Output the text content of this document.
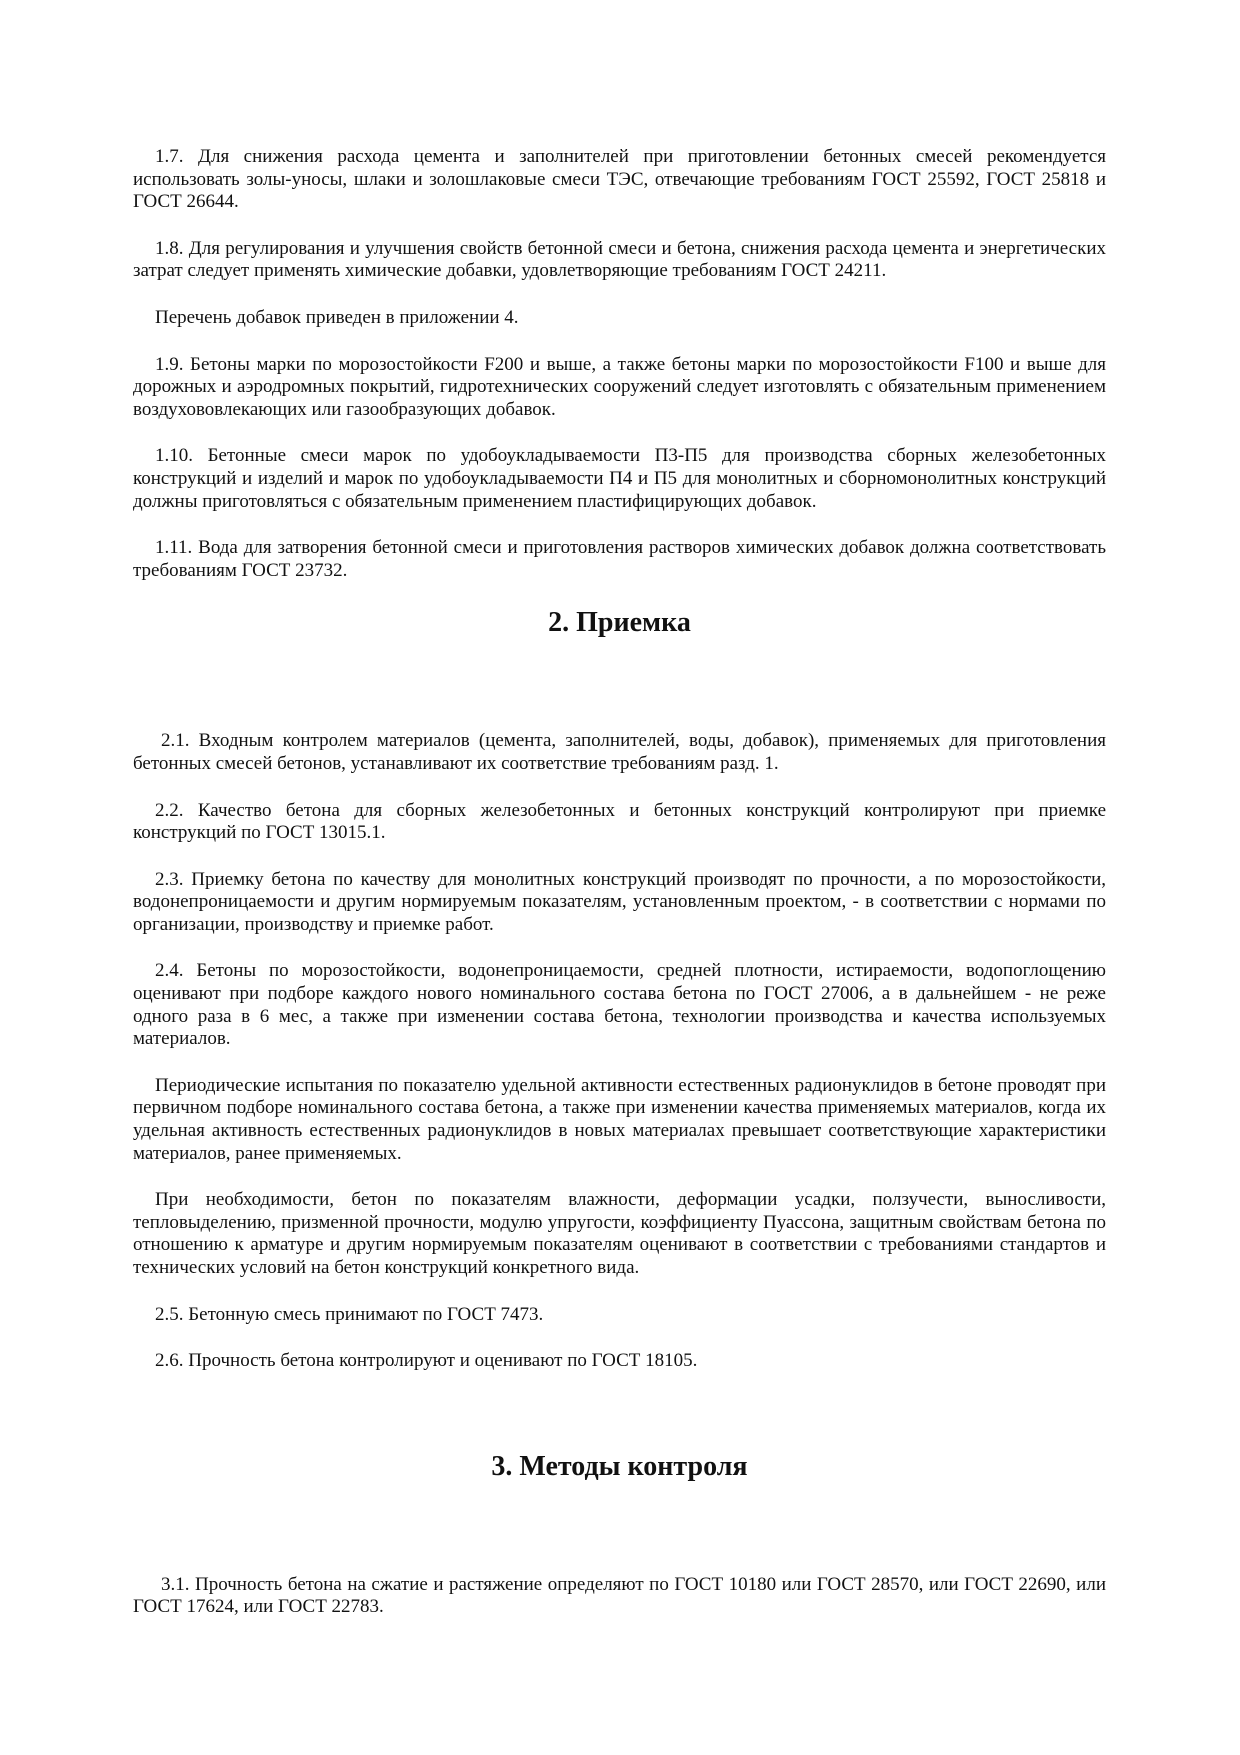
1.7. Для снижения расхода цемента и заполнителей при приготовлении бетонных смесей рекомендуется использовать золы-уносы, шлаки и золошлаковые смеси ТЭС, отвечающие требованиям ГОСТ 25592, ГОСТ 25818 и ГОСТ 26644.

1.8. Для регулирования и улучшения свойств бетонной смеси и бетона, снижения расхода цемента и энергетических затрат следует применять химические добавки, удовлетворяющие требованиям ГОСТ 24211.

Перечень добавок приведен в приложении 4.

1.9. Бетоны марки по морозостойкости F200 и выше, а также бетоны марки по морозостойкости F100 и выше для дорожных и аэродромных покрытий, гидротехнических сооружений следует изготовлять с обязательным применением воздухововлекающих или газообразующих добавок.

1.10. Бетонные смеси марок по удобоукладываемости П3-П5 для производства сборных железобетонных конструкций и изделий и марок по удобоукладываемости П4 и П5 для монолитных и сборномонолитных конструкций должны приготовляться с обязательным применением пластифицирующих добавок.

1.11. Вода для затворения бетонной смеси и приготовления растворов химических добавок должна соответствовать требованиям ГОСТ 23732.

2. Приемка

2.1. Входным контролем материалов (цемента, заполнителей, воды, добавок), применяемых для приготовления бетонных смесей бетонов, устанавливают их соответствие требованиям разд. 1.

2.2. Качество бетона для сборных железобетонных и бетонных конструкций контролируют при приемке конструкций по ГОСТ 13015.1.

2.3. Приемку бетона по качеству для монолитных конструкций производят по прочности, а по морозостойкости, водонепроницаемости и другим нормируемым показателям, установленным проектом, - в соответствии с нормами по организации, производству и приемке работ.

2.4. Бетоны по морозостойкости, водонепроницаемости, средней плотности, истираемости, водопоглощению оценивают при подборе каждого нового номинального состава бетона по ГОСТ 27006, а в дальнейшем - не реже одного раза в 6 мес, а также при изменении состава бетона, технологии производства и качества используемых материалов.

Периодические испытания по показателю удельной активности естественных радионуклидов в бетоне проводят при первичном подборе номинального состава бетона, а также при изменении качества применяемых материалов, когда их удельная активность естественных радионуклидов в новых материалах превышает соответствующие характеристики материалов, ранее применяемых.

При необходимости, бетон по показателям влажности, деформации усадки, ползучести, выносливости, тепловыделению, призменной прочности, модулю упругости, коэффициенту Пуассона, защитным свойствам бетона по отношению к арматуре и другим нормируемым показателям оценивают в соответствии с требованиями стандартов и технических условий на бетон конструкций конкретного вида.

2.5. Бетонную смесь принимают по ГОСТ 7473.

2.6. Прочность бетона контролируют и оценивают по ГОСТ 18105.

3. Методы контроля

3.1. Прочность бетона на сжатие и растяжение определяют по ГОСТ 10180 или ГОСТ 28570, или ГОСТ 22690, или ГОСТ 17624, или ГОСТ 22783.
